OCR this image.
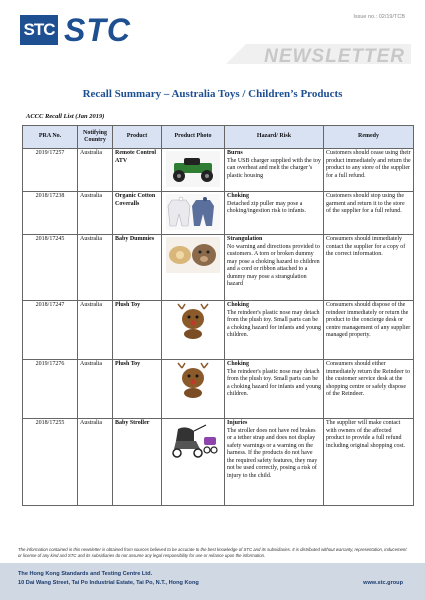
STC STC	Issue no.: 02/19/TCB
NEWSLETTER
Recall Summary – Australia Toys / Children’s Products
ACCC Recall List (Jan 2019)
PRA No.	Notifying Country	Product	Product Photo	Hazard/ Risk	Remedy
2019/17257	Australia	Remote Control ATV		Burns
The USB charger supplied with the toy can overheat and melt the charger’s plastic housing	Customers should cease using their product immediately and return the product to any store of the supplier for a full refund.
2018/17238	Australia	Organic Cotton Coveralls		Choking
Detached zip puller may pose a choking/ingestion risk to infants.	Customers should stop using the garment and return it to the store of the supplier for a full refund.
2018/17245	Australia	Baby Dummies		Strangulation
No warning and directions provided to customers. A torn or broken dummy may pose a choking hazard to children and a cord or ribbon attached to a dummy may pose a strangulation hazard	Consumers should immediately contact the supplier for a copy of the correct information.
2018/17247	Australia	Plush Toy		Choking
The reindeer's plastic nose may detach from the plush toy. Small parts can be a choking hazard for infants and young children.	Consumers should dispose of the reindeer immediately or return the product to the concierge desk or centre management of any supplier managed property.
2019/17276	Australia	Plush Toy		Choking
The reindeer's plastic nose may detach from the plush toy. Small parts can be a choking hazard for infants and young children.	Consumers should either immediately return the Reindeer to the customer service desk at the shopping centre or safely dispose of the Reindeer.
2018/17255	Australia	Baby Stroller		Injuries
The stroller does not have red brakes or a tether strap and does not display safety warnings or a warning on the harness. If the products do not have the required safety features, they may not be used correctly, posing a risk of injury to the child.	The supplier will make contact with owners of the affected product to provide a full refund including original shopping cost.
The information contained in this newsletter is obtained from sources believed to be accurate to the best knowledge of STC and its subsidiaries. It is distributed without warranty, representation, inducement or license of any kind and STC and its subsidiaries do not assume any legal responsibility for use or reliance upon the information.
The Hong Kong Standards and Testing Centre Ltd.
10 Dai Wang Street, Tai Po Industrial Estate, Tai Po, N.T., Hong Kong	www.stc.group
